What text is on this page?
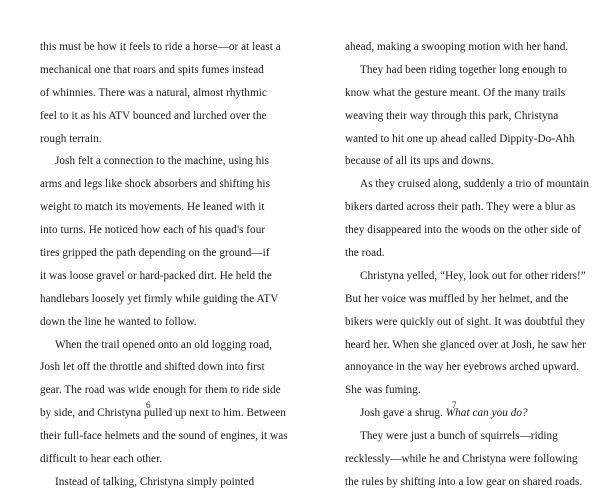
this must be how it feels to ride a horse—or at least a
mechanical one that roars and spits fumes instead
of whinnies. There was a natural, almost rhythmic
feel to it as his ATV bounced and lurched over the
rough terrain.
Josh felt a connection to the machine, using his
arms and legs like shock absorbers and shifting his
weight to match its movements. He leaned with it
into turns. He noticed how each of his quad's four
tires gripped the path depending on the ground—if
it was loose gravel or hard-packed dirt. He held the
handlebars loosely yet firmly while guiding the ATV
down the line he wanted to follow.
When the trail opened onto an old logging road,
Josh let off the throttle and shifted down into first
gear. The road was wide enough for them to ride side
by side, and Christyna pulled up next to him. Between
their full-face helmets and the sound of engines, it was
difficult to hear each other.
Instead of talking, Christyna simply pointed
ahead, making a swooping motion with her hand.
They had been riding together long enough to
know what the gesture meant. Of the many trails
weaving their way through this park, Christyna
wanted to hit one up ahead called Dippity-Do-Ahh
because of all its ups and downs.
As they cruised along, suddenly a trio of mountain
bikers darted across their path. They were a blur as
they disappeared into the woods on the other side of
the road.
Christyna yelled, “Hey, look out for other riders!”
But her voice was muffled by her helmet, and the
bikers were quickly out of sight. It was doubtful they
heard her. When she glanced over at Josh, he saw her
annoyance in the way her eyebrows arched upward.
She was fuming.
Josh gave a shrug. What can you do?
They were just a bunch of squirrels—riding
recklessly—while he and Christyna were following
the rules by shifting into a low gear on shared roads.
6	7
